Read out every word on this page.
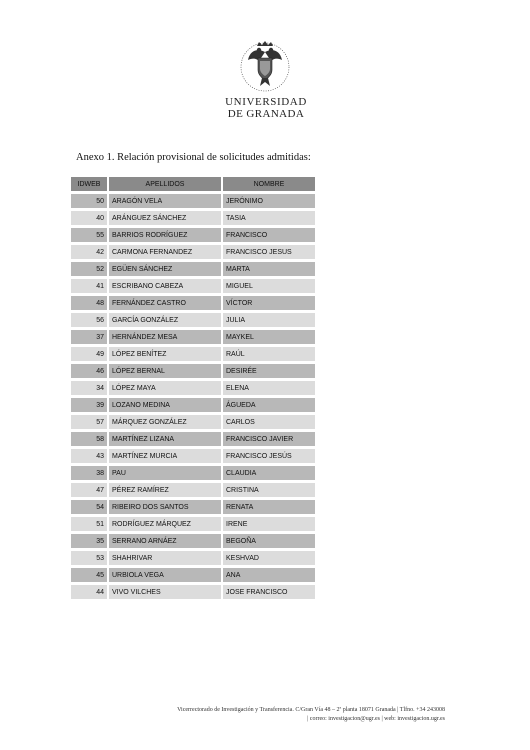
UNIVERSIDAD
DE GRANADA
Anexo 1. Relación provisional de solicitudes admitidas:
IDWEB	APELLIDOS	NOMBRE
50	ARAGÓN VELA	JERÓNIMO
40	ARÁNGUEZ SÁNCHEZ	TASIA
55	BARRIOS RODRÍGUEZ	FRANCISCO
42	CARMONA FERNANDEZ	FRANCISCO JESUS
52	EGÜEN SÁNCHEZ	MARTA
41	ESCRIBANO CABEZA	MIGUEL
48	FERNÁNDEZ CASTRO	VÍCTOR
56	GARCÍA GONZÁLEZ	JULIA
37	HERNÁNDEZ MESA	MAYKEL
49	LÓPEZ BENÍTEZ	RAÚL
46	LÓPEZ BERNAL	DESIRÉE
34	LÓPEZ MAYA	ELENA
39	LOZANO MEDINA	ÁGUEDA
57	MÁRQUEZ GONZÁLEZ	CARLOS
58	MARTÍNEZ LIZANA	FRANCISCO JAVIER
43	MARTÍNEZ MURCIA	FRANCISCO JESÚS
38	PAU	CLAUDIA
47	PÉREZ RAMÍREZ	CRISTINA
54	RIBEIRO DOS SANTOS	RENATA
51	RODRÍGUEZ MÁRQUEZ	IRENE
35	SERRANO ARNÁEZ	BEGOÑA
53	SHAHRIVAR	KESHVAD
45	URBIOLA VEGA	ANA
44	VIVO VILCHES	JOSE FRANCISCO
Vicerrectorado de Investigación y Transferencia. C/Gran Vía 48 – 2ª planta 18071 Granada | Tlfno. +34 243008
| correo: investigacion@ugr.es | web: investigacion.ugr.es
